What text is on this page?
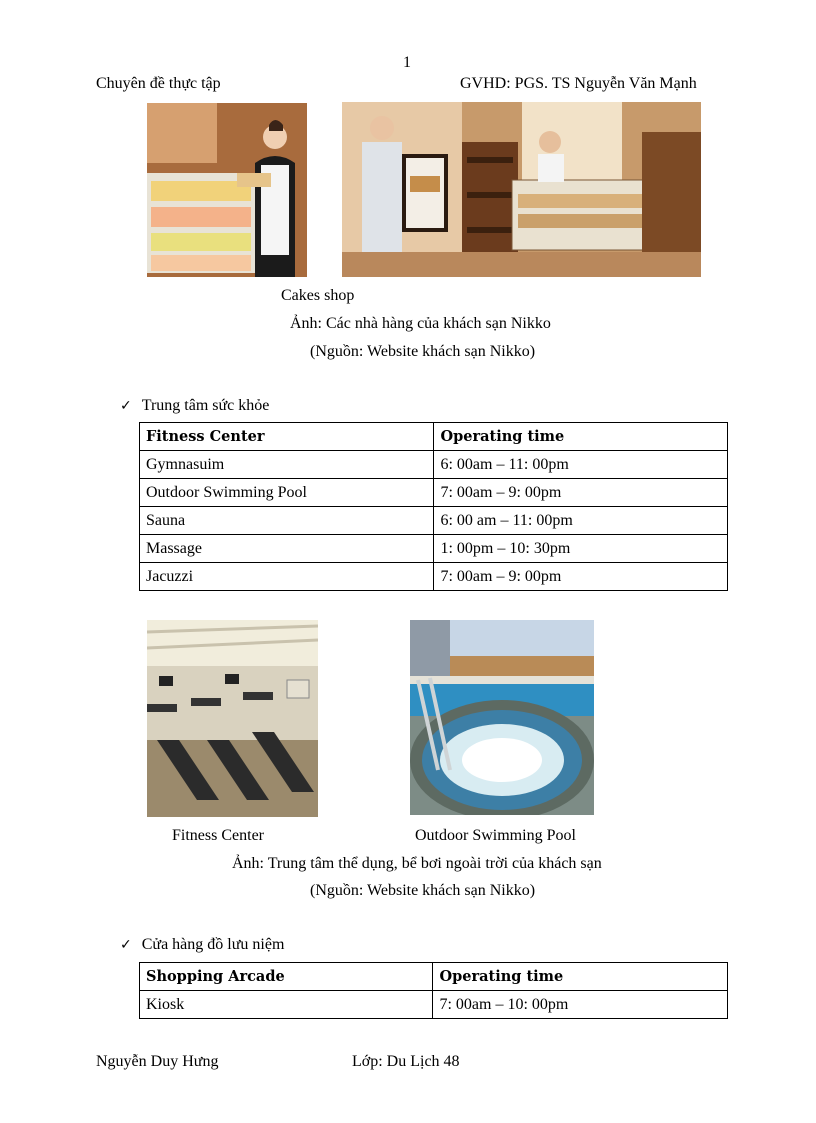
1
Chuyên đề thực tập	GVHD: PGS. TS Nguyễn Văn Mạnh
Cakes shop
Ảnh: Các nhà hàng của khách sạn Nikko
(Nguồn: Website khách sạn Nikko)
✓ Trung tâm sức khỏe
Fitness Center	Operating time
Gymnasuim	6: 00am – 11: 00pm
Outdoor Swimming Pool	7: 00am – 9: 00pm
Sauna	6: 00 am – 11: 00pm
Massage	1: 00pm – 10: 30pm
Jacuzzi	7: 00am – 9: 00pm
Fitness Center	Outdoor Swimming Pool
Ảnh: Trung tâm thể dụng, bể bơi ngoài trời của khách sạn
(Nguồn: Website khách sạn Nikko)
✓ Cửa hàng đồ lưu niệm
Shopping Arcade	Operating time
Kiosk	7: 00am – 10: 00pm
Nguyễn Duy Hưng	Lớp: Du Lịch 48
